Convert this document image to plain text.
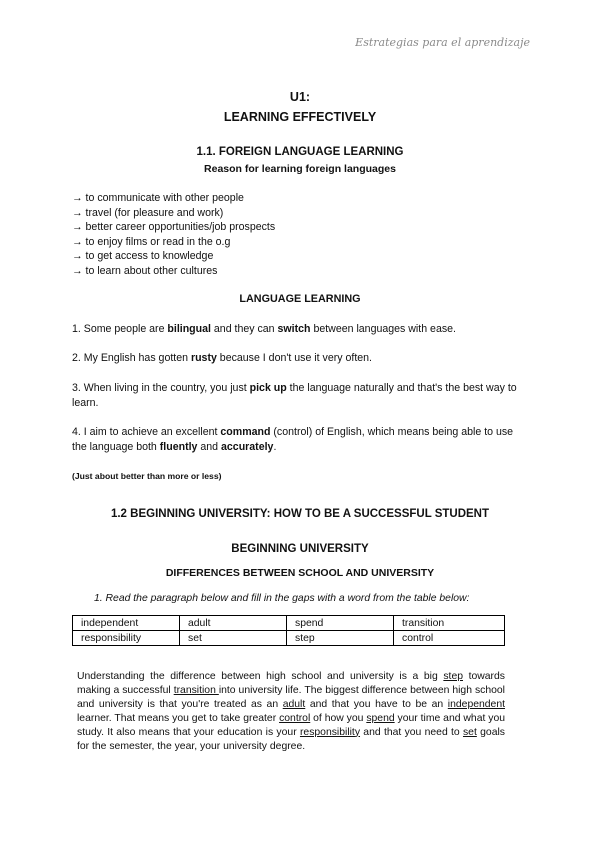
Estrategias para el aprendizaje
U1:
LEARNING EFFECTIVELY
1.1. FOREIGN LANGUAGE LEARNING
Reason for learning foreign languages
→ to communicate with other people
→ travel (for pleasure and work)
→ better career opportunities/job prospects
→ to enjoy films or read in the o.g
→ to get access to knowledge
→ to learn about other cultures
LANGUAGE LEARNING
1. Some people are bilingual and they can switch between languages with ease.
2. My English has gotten rusty because I don't use it very often.
3. When living in the country, you just pick up the language naturally and that's the best way to learn.
4. I aim to achieve an excellent command (control) of English, which means being able to use the language both fluently and accurately.
(Just about better than more or less)
1.2 BEGINNING UNIVERSITY: HOW TO BE A SUCCESSFUL STUDENT
BEGINNING UNIVERSITY
DIFFERENCES BETWEEN SCHOOL AND UNIVERSITY
1. Read the paragraph below and fill in the gaps with a word from the table below:
independent	adult	spend	transition
responsibility	set	step	control
Understanding the difference between high school and university is a big step towards making a successful transition into university life. The biggest difference between high school and university is that you're treated as an adult and that you have to be an independent learner. That means you get to take greater control of how you spend your time and what you study. It also means that your education is your responsibility and that you need to set goals for the semester, the year, your university degree.
